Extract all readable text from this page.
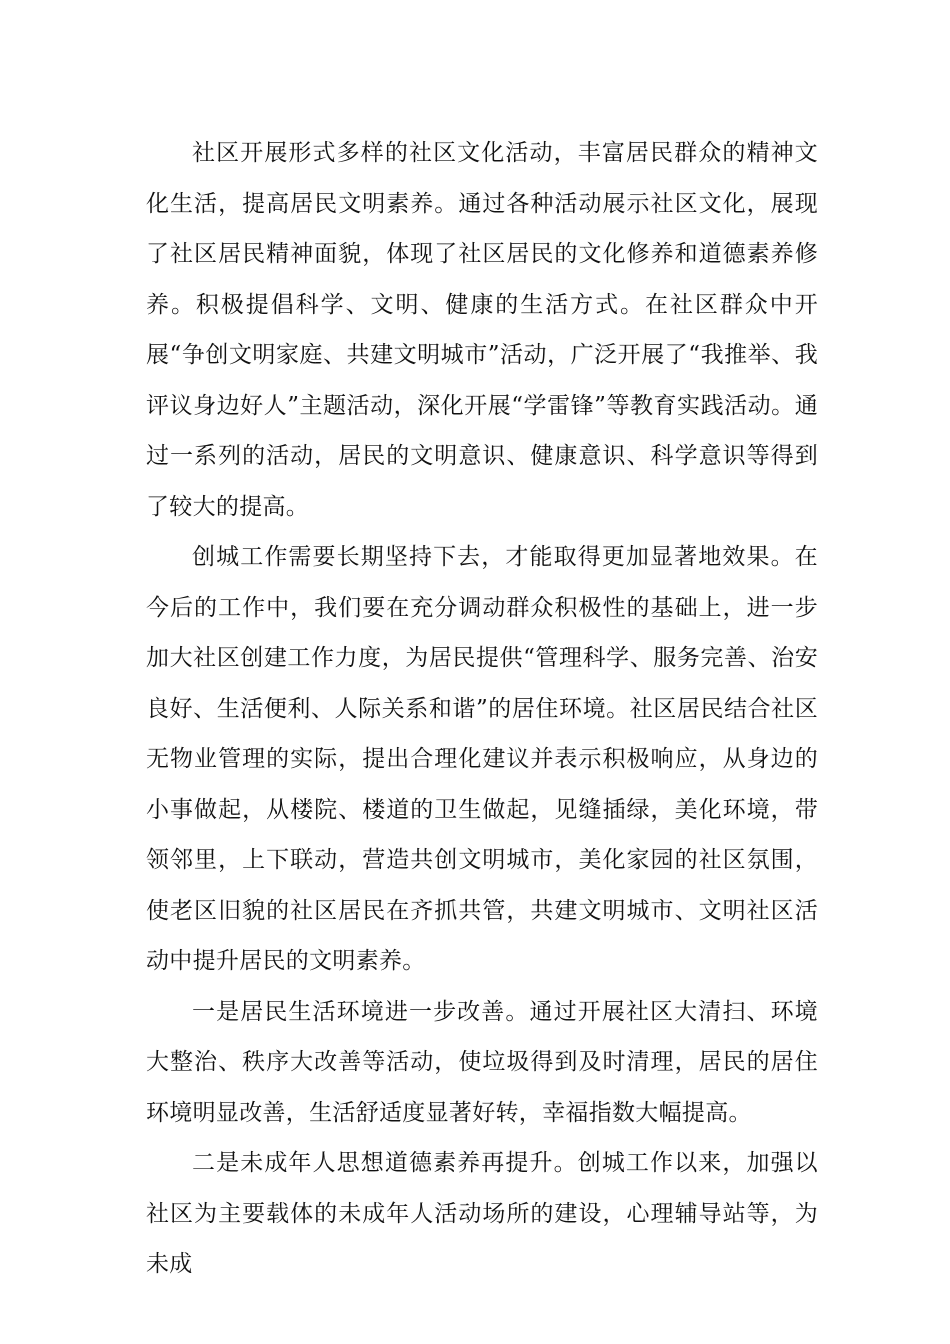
社区开展形式多样的社区文化活动，丰富居民群众的精神文化生活，提高居民文明素养。通过各种活动展示社区文化，展现了社区居民精神面貌，体现了社区居民的文化修养和道德素养修养。积极提倡科学、文明、健康的生活方式。在社区群众中开展“争创文明家庭、共建文明城市”活动，广泛开展了“我推举、我评议身边好人”主题活动，深化开展“学雷锋”等教育实践活动。通过一系列的活动，居民的文明意识、健康意识、科学意识等得到了较大的提高。

创城工作需要长期坚持下去，才能取得更加显著地效果。在今后的工作中，我们要在充分调动群众积极性的基础上，进一步加大社区创建工作力度，为居民提供“管理科学、服务完善、治安良好、生活便利、人际关系和谐”的居住环境。社区居民结合社区无物业管理的实际，提出合理化建议并表示积极响应，从身边的小事做起，从楼院、楼道的卫生做起，见缝插绿，美化环境，带领邻里，上下联动，营造共创文明城市，美化家园的社区氛围，使老区旧貌的社区居民在齐抓共管，共建文明城市、文明社区活动中提升居民的文明素养。

一是居民生活环境进一步改善。通过开展社区大清扫、环境大整治、秩序大改善等活动，使垃圾得到及时清理，居民的居住环境明显改善，生活舒适度显著好转，幸福指数大幅提高。

二是未成年人思想道德素养再提升。创城工作以来，加强以社区为主要载体的未成年人活动场所的建设，心理辅导站等，为未成
